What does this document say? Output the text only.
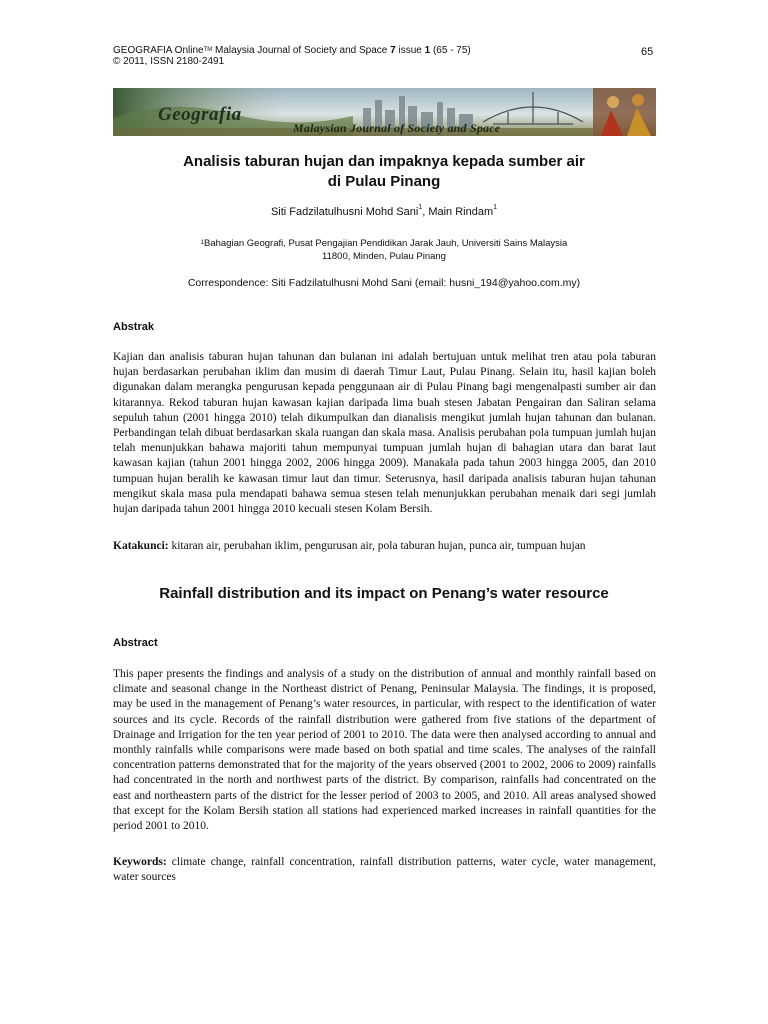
GEOGRAFIA Online™ Malaysia Journal of Society and Space 7 issue 1 (65 - 75)
© 2011, ISSN 2180-2491
65
Geografia
Malaysian Journal of Society and Space
Analisis taburan hujan dan impaknya kepada sumber air
di Pulau Pinang
Siti Fadzilatulhusni Mohd Sani$^1$, Main Rindam$^1$
$^1$Bahagian Geografi, Pusat Pengajian Pendidikan Jarak Jauh, Universiti Sains Malaysia
11800, Minden, Pulau Pinang
Correspondence: Siti Fadzilatulhusni Mohd Sani (email: husni_194@yahoo.com.my)
Abstrak
Kajian dan analisis taburan hujan tahunan dan bulanan ini adalah bertujuan untuk melihat tren atau pola taburan hujan berdasarkan perubahan iklim dan musim di daerah Timur Laut, Pulau Pinang. Selain itu, hasil kajian boleh digunakan dalam merangka pengurusan kepada penggunaan air di Pulau Pinang bagi mengenalpasti sumber air dan kitarannya. Rekod taburan hujan kawasan kajian daripada lima buah stesen Jabatan Pengairan dan Saliran selama sepuluh tahun (2001 hingga 2010) telah dikumpulkan dan dianalisis mengikut jumlah hujan tahunan dan bulanan. Perbandingan telah dibuat berdasarkan skala ruangan dan skala masa. Analisis perubahan pola tumpuan jumlah hujan telah menunjukkan bahawa majoriti tahun mempunyai tumpuan jumlah hujan di bahagian utara dan barat laut kawasan kajian (tahun 2001 hingga 2002, 2006 hingga 2009). Manakala pada tahun 2003 hingga 2005, dan 2010 tumpuan hujan beralih ke kawasan timur laut dan timur. Seterusnya, hasil daripada analisis taburan hujan tahunan mengikut skala masa pula mendapati bahawa semua stesen telah menunjukkan perubahan menaik dari segi jumlah hujan daripada tahun 2001 hingga 2010 kecuali stesen Kolam Bersih.
Katakunci: kitaran air, perubahan iklim, pengurusan air, pola taburan hujan, punca air, tumpuan hujan
Rainfall distribution and its impact on Penang’s water resource
Abstract
This paper presents the findings and analysis of a study on the distribution of annual and monthly rainfall based on climate and seasonal change in the Northeast district of Penang, Peninsular Malaysia. The findings, it is proposed, may be used in the management of Penang’s water resources, in particular, with respect to the identification of water sources and its cycle. Records of the rainfall distribution were gathered from five stations of the department of Drainage and Irrigation for the ten year period of 2001 to 2010. The data were then analysed according to annual and monthly rainfalls while comparisons were made based on both spatial and time scales. The analyses of the rainfall concentration patterns demonstrated that for the majority of the years observed (2001 to 2002, 2006 to 2009) rainfalls had concentrated in the north and northwest parts of the district. By comparison, rainfalls had concentrated on the east and northeastern parts of the district for the lesser period of 2003 to 2005, and 2010. All areas analysed showed that except for the Kolam Bersih station all stations had experienced marked increases in rainfall quantities for the period 2001 to 2010.
Keywords: climate change, rainfall concentration, rainfall distribution patterns, water cycle, water management, water sources
